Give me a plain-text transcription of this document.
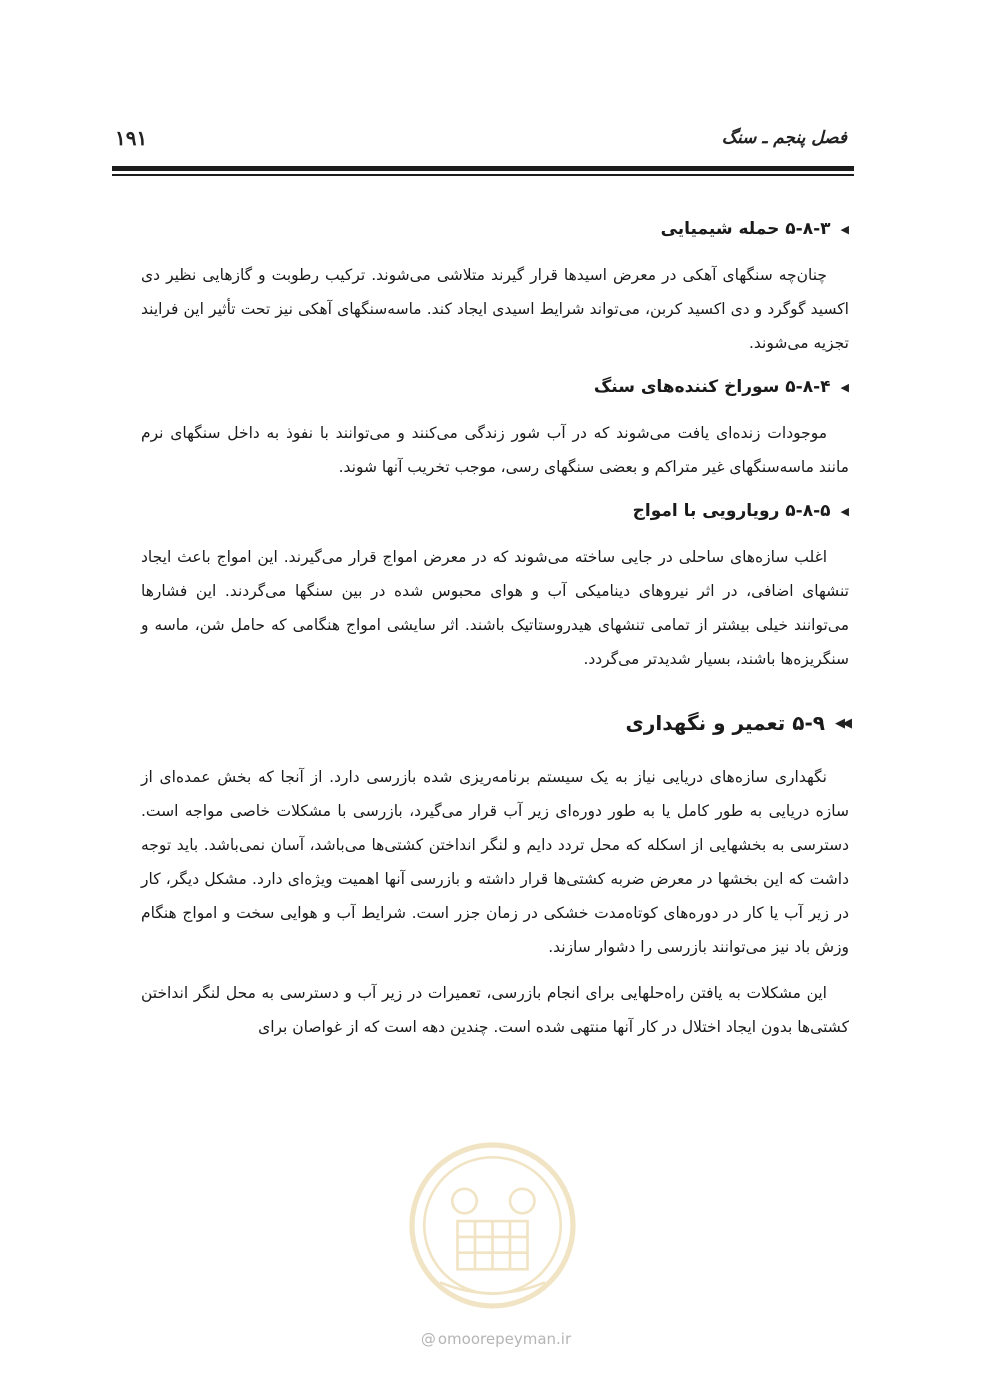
فصل پنجم ـ سنگ
۱۹۱
◀
۵-۸-۳ حمله شیمیایی

چنان‌چه سنگهای آهکی در معرض اسیدها قرار گیرند متلاشی می‌شوند. ترکیب رطوبت و گازهایی نظیر دی اکسید گوگرد و دی اکسید کربن، می‌تواند شرایط اسیدی ایجاد کند. ماسه‌سنگهای آهکی نیز تحت تأثیر این فرایند تجزیه می‌شوند.

◀
۵-۸-۴ سوراخ کننده‌های سنگ

موجودات زنده‌ای یافت می‌شوند که در آب شور زندگی می‌کنند و می‌توانند با نفوذ به داخل سنگهای نرم مانند ماسه‌سنگهای غیر متراکم و بعضی سنگهای رسی، موجب تخریب آنها شوند.

◀
۵-۸-۵ رویارویی با امواج

اغلب سازه‌های ساحلی در جایی ساخته می‌شوند که در معرض امواج قرار می‌گیرند. این امواج باعث ایجاد تنشهای اضافی، در اثر نیروهای دینامیکی آب و هوای محبوس شده در بین سنگها می‌گردند. این فشارها می‌توانند خیلی بیشتر از تمامی تنشهای هیدروستاتیک باشند. اثر سایشی امواج هنگامی که حامل شن، ماسه و سنگریزه‌ها باشند، بسیار شدیدتر می‌گردد.

◀◀
۵-۹ تعمیر و نگهداری

نگهداری سازه‌های دریایی نیاز به یک سیستم برنامه‌ریزی شده بازرسی دارد. از آنجا که بخش عمده‌ای از سازه دریایی به طور کامل یا به طور دوره‌ای زیر آب قرار می‌گیرد، بازرسی با مشکلات خاصی مواجه است. دسترسی به بخشهایی از اسکله که محل تردد دایم و لنگر انداختن کشتی‌ها می‌باشد، آسان نمی‌باشد. باید توجه داشت که این بخشها در معرض ضربه کشتی‌ها قرار داشته و بازرسی آنها اهمیت ویژه‌ای دارد. مشکل دیگر، کار در زیر آب یا کار در دوره‌های کوتاه‌مدت خشکی در زمان جزر است. شرایط آب و هوایی سخت و امواج هنگام وزش باد نیز می‌توانند بازرسی را دشوار سازند.

این مشکلات به یافتن راه‌حلهایی برای انجام بازرسی، تعمیرات در زیر آب و دسترسی به محل لنگر انداختن کشتی‌ها بدون ایجاد اختلال در کار آنها منتهی شده است. چندین دهه است که از غواصان برای

@ omoorepeyman.ir
